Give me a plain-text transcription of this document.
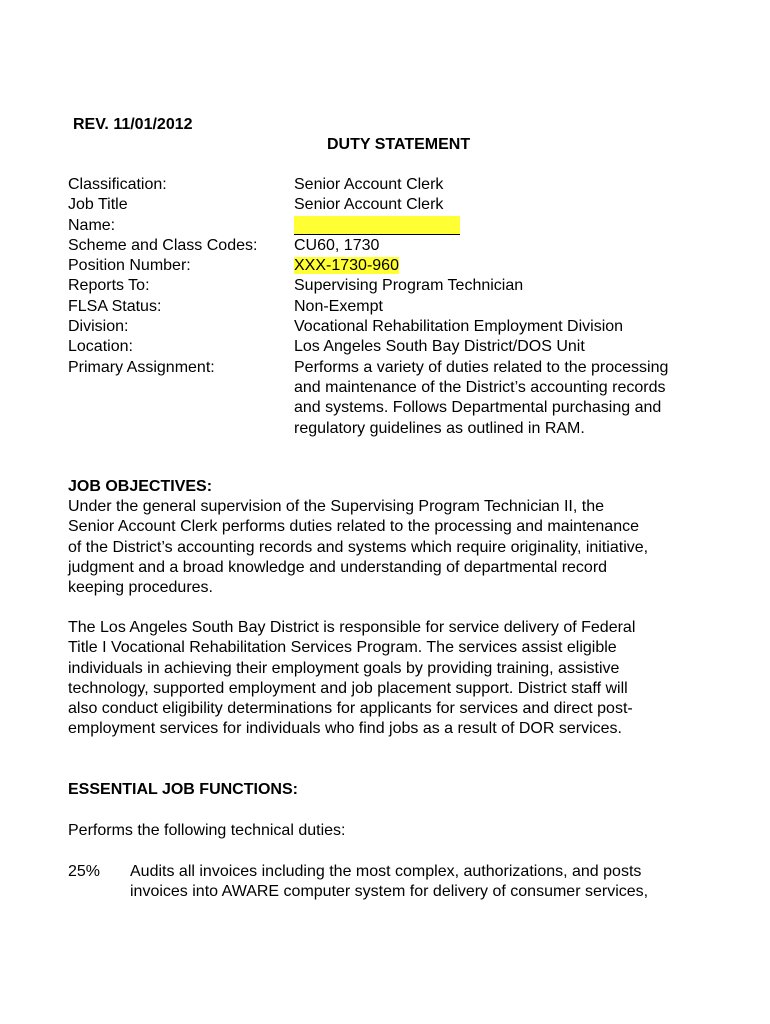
REV. 11/01/2012
DUTY STATEMENT
Classification:	Senior Account Clerk
Job Title	Senior Account Clerk
Name:
Scheme and Class Codes:	CU60, 1730
Position Number:	XXX-1730-960
Reports To:	Supervising Program Technician
FLSA Status:	Non-Exempt
Division:	Vocational Rehabilitation Employment Division
Location:	Los Angeles South Bay District/DOS Unit
Primary Assignment:	Performs a variety of duties related to the processing
and maintenance of the District’s accounting records
and systems. Follows Departmental purchasing and
regulatory guidelines as outlined in RAM.
JOB OBJECTIVES:
Under the general supervision of the Supervising Program Technician II, the
Senior Account Clerk performs duties related to the processing and maintenance
of the District’s accounting records and systems which require originality, initiative,
judgment and a broad knowledge and understanding of departmental record
keeping procedures.
The Los Angeles South Bay District is responsible for service delivery of Federal
Title I Vocational Rehabilitation Services Program. The services assist eligible
individuals in achieving their employment goals by providing training, assistive
technology, supported employment and job placement support. District staff will
also conduct eligibility determinations for applicants for services and direct post-
employment services for individuals who find jobs as a result of DOR services.
ESSENTIAL JOB FUNCTIONS:
Performs the following technical duties:
25%	Audits all invoices including the most complex, authorizations, and posts
invoices into AWARE computer system for delivery of consumer services,
